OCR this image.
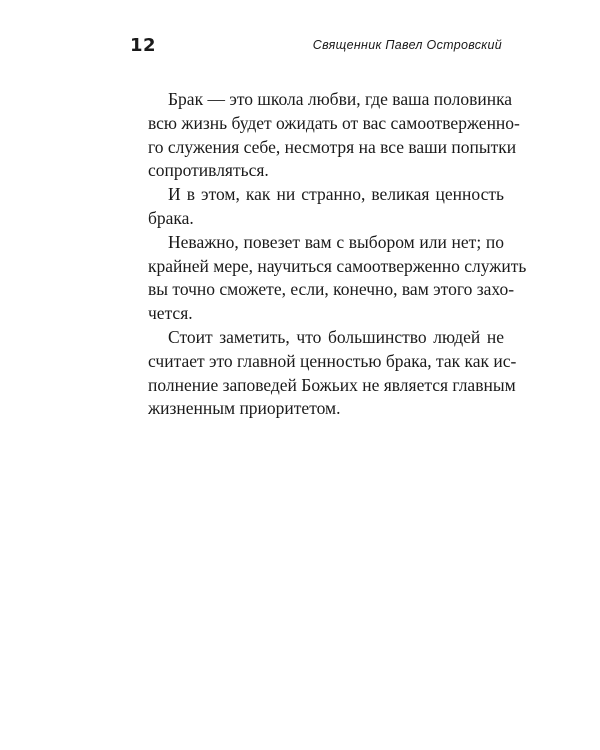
12	Священник Павел Островский

Брак — это школа любви, где ваша половинка
всю жизнь будет ожидать от вас самоотверженно-
го служения себе, несмотря на все ваши попытки
сопротивляться.

И в этом, как ни странно, великая ценность
брака.

Неважно, повезет вам с выбором или нет; по
крайней мере, научиться самоотверженно служить
вы точно сможете, если, конечно, вам этого захо-
чется.

Стоит заметить, что большинство людей не
считает это главной ценностью брака, так как ис-
полнение заповедей Божьих не является главным
жизненным приоритетом.
